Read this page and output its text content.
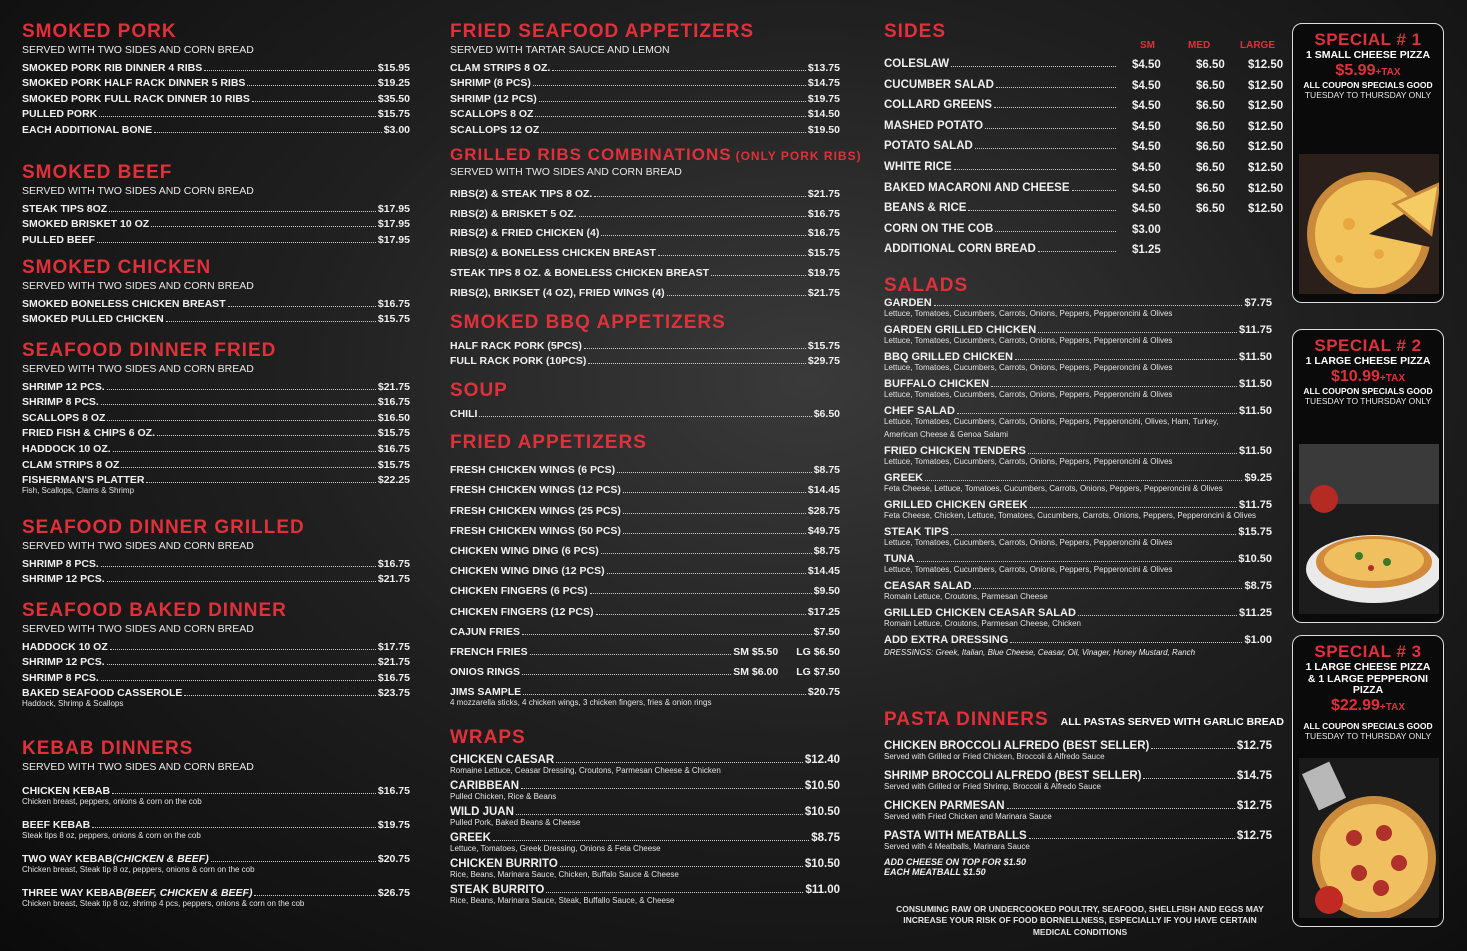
SMOKED PORK
SERVED WITH TWO SIDES AND CORN BREAD
SMOKED PORK RIB DINNER 4 RIBS	$15.95
SMOKED PORK HALF RACK DINNER 5 RIBS	$19.25
SMOKED PORK FULL RACK DINNER 10 RIBS	$35.50
PULLED PORK	$15.75
EACH ADDITIONAL BONE	$3.00
SMOKED BEEF
SERVED WITH TWO SIDES AND CORN BREAD
STEAK TIPS 8OZ	$17.95
SMOKED BRISKET 10 OZ	$17.95
PULLED BEEF	$17.95
SMOKED CHICKEN
SERVED WITH TWO SIDES AND CORN BREAD
SMOKED BONELESS CHICKEN BREAST	$16.75
SMOKED PULLED CHICKEN	$15.75
SEAFOOD DINNER FRIED
SERVED WITH TWO SIDES AND CORN BREAD
SHRIMP 12 PCS.	$21.75
SHRIMP 8 PCS.	$16.75
SCALLOPS 8 OZ	$16.50
FRIED FISH & CHIPS 6 OZ.	$15.75
HADDOCK 10 OZ.	$16.75
CLAM STRIPS 8 OZ	$15.75
FISHERMAN'S PLATTER	$22.25
Fish, Scallops, Clams & Shrimp
SEAFOOD DINNER GRILLED
SERVED WITH TWO SIDES AND CORN BREAD
SHRIMP 8 PCS.	$16.75
SHRIMP 12 PCS.	$21.75
SEAFOOD BAKED DINNER
SERVED WITH TWO SIDES AND CORN BREAD
HADDOCK 10 OZ	$17.75
SHRIMP 12 PCS.	$21.75
SHRIMP 8 PCS.	$16.75
BAKED SEAFOOD CASSEROLE	$23.75
Haddock, Shrimp & Scallops
KEBAB DINNERS
SERVED WITH TWO SIDES AND CORN BREAD
CHICKEN KEBAB	$16.75
Chicken breast, peppers, onions & corn on the cob
BEEF KEBAB	$19.75
Steak tips 8 oz, peppers, onions & corn on the cob
TWO WAY KEBAB (CHICKEN & BEEF)	$20.75
Chicken breast, Steak tip 8 oz, peppers, onions & corn on the cob
THREE WAY KEBAB (BEEF, CHICKEN & BEEF)	$26.75
Chicken breast, Steak tip 8 oz, shrimp 4 pcs, peppers, onions & corn on the cob
FRIED SEAFOOD APPETIZERS
SERVED WITH TARTAR SAUCE AND LEMON
CLAM STRIPS 8 OZ.	$13.75
SHRIMP (8 PCS)	$14.75
SHRIMP (12 PCS)	$19.75
SCALLOPS 8 OZ	$14.50
SCALLOPS 12 OZ	$19.50
GRILLED RIBS COMBINATIONS (ONLY PORK RIBS)
SERVED WITH TWO SIDES AND CORN BREAD
RIBS(2) & STEAK TIPS 8 OZ.	$21.75
RIBS(2) & BRISKET 5 OZ.	$16.75
RIBS(2) & FRIED CHICKEN (4)	$16.75
RIBS(2) & BONELESS CHICKEN BREAST	$15.75
STEAK TIPS 8 OZ. & BONELESS CHICKEN BREAST	$19.75
RIBS(2), BRIKSET (4 OZ), FRIED WINGS (4)	$21.75
SMOKED BBQ APPETIZERS
HALF RACK PORK (5PCS)	$15.75
FULL RACK PORK (10PCS)	$29.75
SOUP
CHILI	$6.50
FRIED APPETIZERS
FRESH CHICKEN WINGS (6 PCS)	$8.75
FRESH CHICKEN WINGS (12 PCS)	$14.45
FRESH CHICKEN WINGS (25 PCS)	$28.75
FRESH CHICKEN WINGS (50 PCS)	$49.75
CHICKEN WING DING (6 PCS)	$8.75
CHICKEN WING DING (12 PCS)	$14.45
CHICKEN FINGERS (6 PCS)	$9.50
CHICKEN FINGERS (12 PCS)	$17.25
CAJUN FRIES	$7.50
FRENCH FRIES	SM $5.50 LG $6.50
ONIOS RINGS	SM $6.00 LG $7.50
JIMS SAMPLE	$20.75
4 mozzarella sticks, 4 chicken wings, 3 chicken fingers, fries & onion rings
WRAPS
CHICKEN CAESAR	$12.40
Romaine Lettuce, Ceasar Dressing, Croutons, Parmesan Cheese & Chicken
CARIBBEAN	$10.50
Pulled Chicken, Rice & Beans
WILD JUAN	$10.50
Pulled Pork, Baked Beans & Cheese
GREEK	$8.75
Lettuce, Tomatoes, Greek Dressing, Onions & Feta Cheese
CHICKEN BURRITO	$10.50
Rice, Beans, Marinara Sauce, Chicken, Buffalo Sauce & Cheese
STEAK BURRITO	$11.00
Rice, Beans, Marinara Sauce, Steak, Buffallo Sauce, & Cheese
SIDES
SM	MED	LARGE
COLESLAW	$4.50	$6.50 $12.50
CUCUMBER SALAD	$4.50	$6.50 $12.50
COLLARD GREENS	$4.50	$6.50 $12.50
MASHED POTATO	$4.50	$6.50 $12.50
POTATO SALAD	$4.50	$6.50 $12.50
WHITE RICE	$4.50	$6.50 $12.50
BAKED MACARONI AND CHEESE	$4.50	$6.50 $12.50
BEANS & RICE	$4.50	$6.50 $12.50
CORN ON THE COB	$3.00
ADDITIONAL CORN BREAD	$1.25
SALADS
GARDEN	$7.75
Lettuce, Tomatoes, Cucumbers, Carrots, Onions, Peppers, Pepperoncini & Olives
GARDEN GRILLED CHICKEN	$11.75
Lettuce, Tomatoes, Cucumbers, Carrots, Onions, Peppers, Pepperoncini & Olives
BBQ GRILLED CHICKEN	$11.50
Lettuce, Tomatoes, Cucumbers, Carrots, Onions, Peppers, Pepperoncini & Olives
BUFFALO CHICKEN	$11.50
Lettuce, Tomatoes, Cucumbers, Carrots, Onions, Peppers, Pepperoncini & Olives
CHEF SALAD	$11.50
Lettuce, Tomatoes, Cucumbers, Carrots, Onions, Peppers, Pepperoncini, Olives, Ham, Turkey,
American Cheese & Genoa Salami
FRIED CHICKEN TENDERS	$11.50
Lettuce, Tomatoes, Cucumbers, Carrots, Onions, Peppers, Pepperoncini & Olives
GREEK	$9.25
Feta Cheese, Lettuce, Tomatoes, Cucumbers, Carrots, Onions, Peppers, Pepperoncini & Olives
GRILLED CHICKEN GREEK	$11.75
Feta Cheese, Chicken, Lettuce, Tomatoes, Cucumbers, Carrots, Onions, Peppers, Pepperoncini & Olives
STEAK TIPS	$15.75
Lettuce, Tomatoes, Cucumbers, Carrots, Onions, Peppers, Pepperoncini & Olives
TUNA	$10.50
Lettuce, Tomatoes, Cucumbers, Carrots, Onions, Peppers, Pepperoncini & Olives
CEASAR SALAD	$8.75
Romain Lettuce, Croutons, Parmesan Cheese
GRILLED CHICKEN CEASAR SALAD	$11.25
Romain Lettuce, Croutons, Parmesan Cheese, Chicken
ADD EXTRA DRESSING	$1.00
DRESSINGS: Greek, Italian, Blue Cheese, Ceasar, Oil, Vinager, Honey Mustard, Ranch
PASTA DINNERS ALL PASTAS SERVED WITH GARLIC BREAD
CHICKEN BROCCOLI ALFREDO (BEST SELLER)	$12.75
Served with Grilled or Fried Chicken, Broccoli & Alfredo Sauce
SHRIMP BROCCOLI ALFREDO (BEST SELLER)	$14.75
Served with Grilled or Fried Shrimp, Broccoli & Alfredo Sauce
CHICKEN PARMESAN	$12.75
Served with Fried Chicken and Marinara Sauce
PASTA WITH MEATBALLS	$12.75
Served with 4 Meatballs, Marinara Sauce
ADD CHEESE ON TOP FOR $1.50
EACH MEATBALL $1.50
CONSUMING RAW OR UNDERCOOKED POULTRY, SEAFOOD, SHELLFISH AND EGGS MAY INCREASE YOUR RISK OF FOOD BORNELLNESS, ESPECIALLY IF YOU HAVE CERTAIN MEDICAL CONDITIONS
SPECIAL # 1
1 SMALL CHEESE PIZZA
$5.99+TAX
ALL COUPON SPECIALS GOOD
TUESDAY TO THURSDAY ONLY
SPECIAL # 2
1 LARGE CHEESE PIZZA
$10.99+TAX
ALL COUPON SPECIALS GOOD
TUESDAY TO THURSDAY ONLY
SPECIAL # 3
1 LARGE CHEESE PIZZA
& 1 LARGE PEPPERONI PIZZA
$22.99+TAX
ALL COUPON SPECIALS GOOD
TUESDAY TO THURSDAY ONLY
